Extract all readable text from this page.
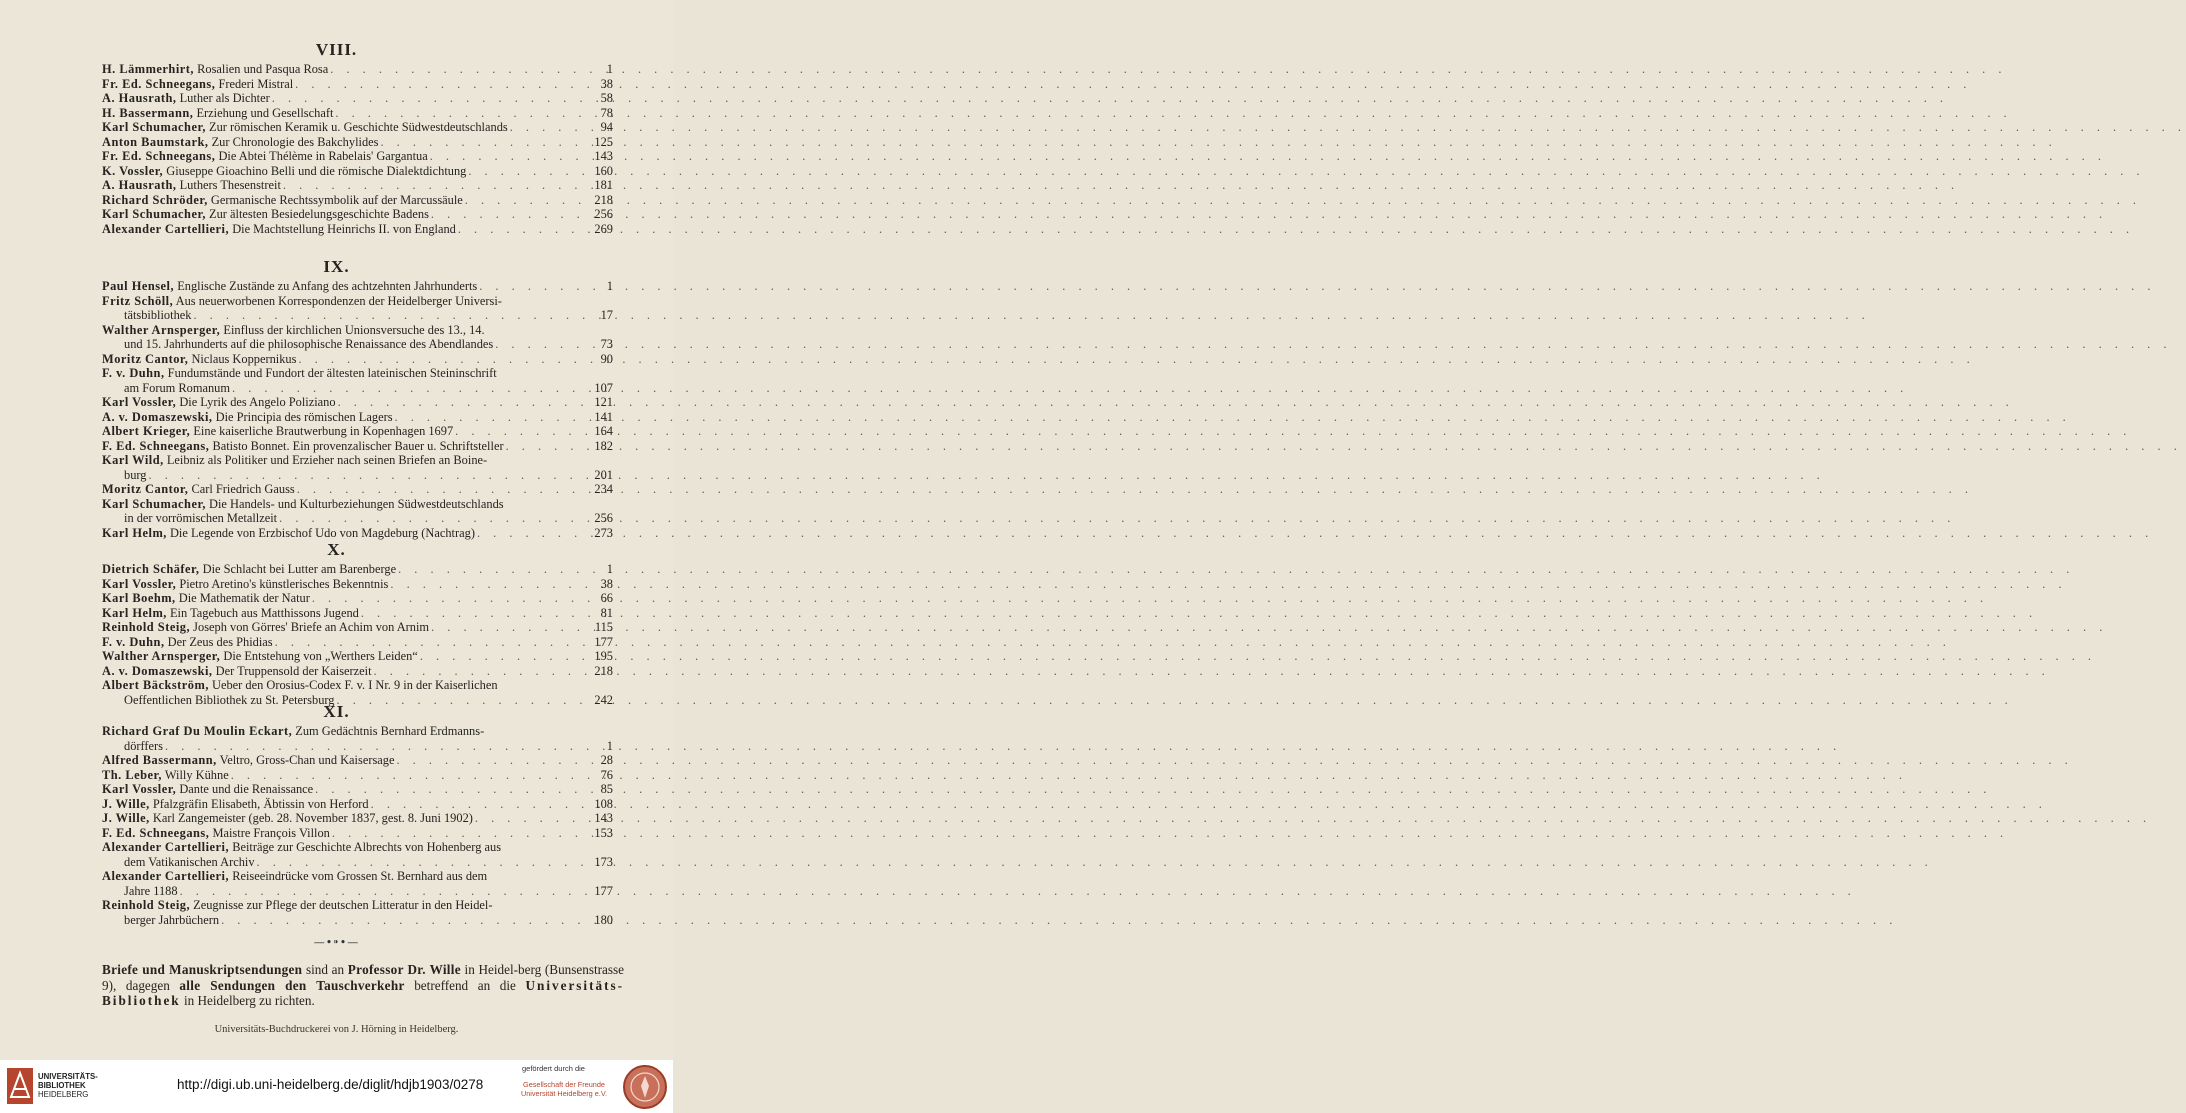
VIII.
H. Lämmerhirt, Rosalien und Pasqua Rosa . . .	1
Fr. Ed. Schneegans, Frederi Mistral . . .	38
A. Hausrath, Luther als Dichter . . .	58
H. Bassermann, Erziehung und Gesellschaft . . .	78
Karl Schumacher, Zur römischen Keramik u. Geschichte Südwestdeutschlands . . .	94
Anton Baumstark, Zur Chronologie des Bakchylides . . .	125
Fr. Ed. Schneegans, Die Abtei Thélème in Rabelais' Gargantua . . .	143
K. Vossler, Giuseppe Gioachino Belli und die römische Dialektdichtung . . .	160
A. Hausrath, Luthers Thesenstreit . . .	181
Richard Schröder, Germanische Rechtssymbolik auf der Marcussäule . . .	218
Karl Schumacher, Zur ältesten Besiedelungsgeschichte Badens . . .	256
Alexander Cartellieri, Die Machtstellung Heinrichs II. von England . . .	269
IX.
Paul Hensel, Englische Zustände zu Anfang des achtzehnten Jahrhunderts . . .	1
Fritz Schöll, Aus neuerworbenen Korrespondenzen der Heidelberger Universi-
tätsbibliothek . . .	17
Walther Arnsperger, Einfluss der kirchlichen Unionsversuche des 13., 14.
und 15. Jahrhunderts auf die philosophische Renaissance des Abendlandes . . .	73
Moritz Cantor, Niclaus Koppernikus . . .	90
F. v. Duhn, Fundumstände und Fundort der ältesten lateinischen Steininschrift
am Forum Romanum . . .	107
Karl Vossler, Die Lyrik des Angelo Poliziano . . .	121
A. v. Domaszewski, Die Principia des römischen Lagers . . .	141
Albert Krieger, Eine kaiserliche Brautwerbung in Kopenhagen 1697 . . .	164
F. Ed. Schneegans, Batisto Bonnet. Ein provenzalischer Bauer u. Schriftsteller . . .	182
Karl Wild, Leibniz als Politiker und Erzieher nach seinen Briefen an Boine-
burg . . .	201
Moritz Cantor, Carl Friedrich Gauss . . .	234
Karl Schumacher, Die Handels- und Kulturbeziehungen Südwestdeutschlands
in der vorrömischen Metallzeit . . .	256
Karl Helm, Die Legende von Erzbischof Udo von Magdeburg (Nachtrag) . . .	273
X.
Dietrich Schäfer, Die Schlacht bei Lutter am Barenberge . . .	1
Karl Vossler, Pietro Aretino's künstlerisches Bekenntnis . . .	38
Karl Boehm, Die Mathematik der Natur . . .	66
Karl Helm, Ein Tagebuch aus Matthissons Jugend . . .	81
Reinhold Steig, Joseph von Görres' Briefe an Achim von Arnim . . .	115
F. v. Duhn, Der Zeus des Phidias . . .	177
Walther Arnsperger, Die Entstehung von „Werthers Leiden“ . . .	195
A. v. Domaszewski, Der Truppensold der Kaiserzeit . . .	218
Albert Bäckström, Ueber den Orosius-Codex F. v. I Nr. 9 in der Kaiserlichen
Oeffentlichen Bibliothek zu St. Petersburg . . .	242
XI.
Richard Graf Du Moulin Eckart, Zum Gedächtnis Bernhard Erdmanns-
dörffers . . .	1
Alfred Bassermann, Veltro, Gross-Chan und Kaisersage . . .	28
Th. Leber, Willy Kühne . . .	76
Karl Vossler, Dante und die Renaissance . . .	85
J. Wille, Pfalzgräfin Elisabeth, Äbtissin von Herford . . .	108
J. Wille, Karl Zangemeister (geb. 28. November 1837, gest. 8. Juni 1902) . . .	143
F. Ed. Schneegans, Maistre François Villon . . .	153
Alexander Cartellieri, Beiträge zur Geschichte Albrechts von Hohenberg aus
dem Vatikanischen Archiv . . .	173
Alexander Cartellieri, Reiseeindrücke vom Grossen St. Bernhard aus dem
Jahre 1188 . . .	177
Reinhold Steig, Zeugnisse zur Pflege der deutschen Litteratur in den Heidel-
berger Jahrbüchern . . .	180
—•⁍•—
Briefe und Manuskriptsendungen sind an Professor Dr. Wille in Heidel-berg (Bunsenstrasse 9), dagegen alle Sendungen den Tauschverkehr betreffend an die Universitäts-Bibliothek in Heidelberg zu richten.
Universitäts-Buchdruckerei von J. Hörning in Heidelberg.
UNIVERSITÄTS-
BIBLIOTHEK
HEIDELBERG
http://digi.ub.uni-heidelberg.de/diglit/hdjb1903/0278
gefördert durch die
Gesellschaft der Freunde
Universität Heidelberg e.V.
